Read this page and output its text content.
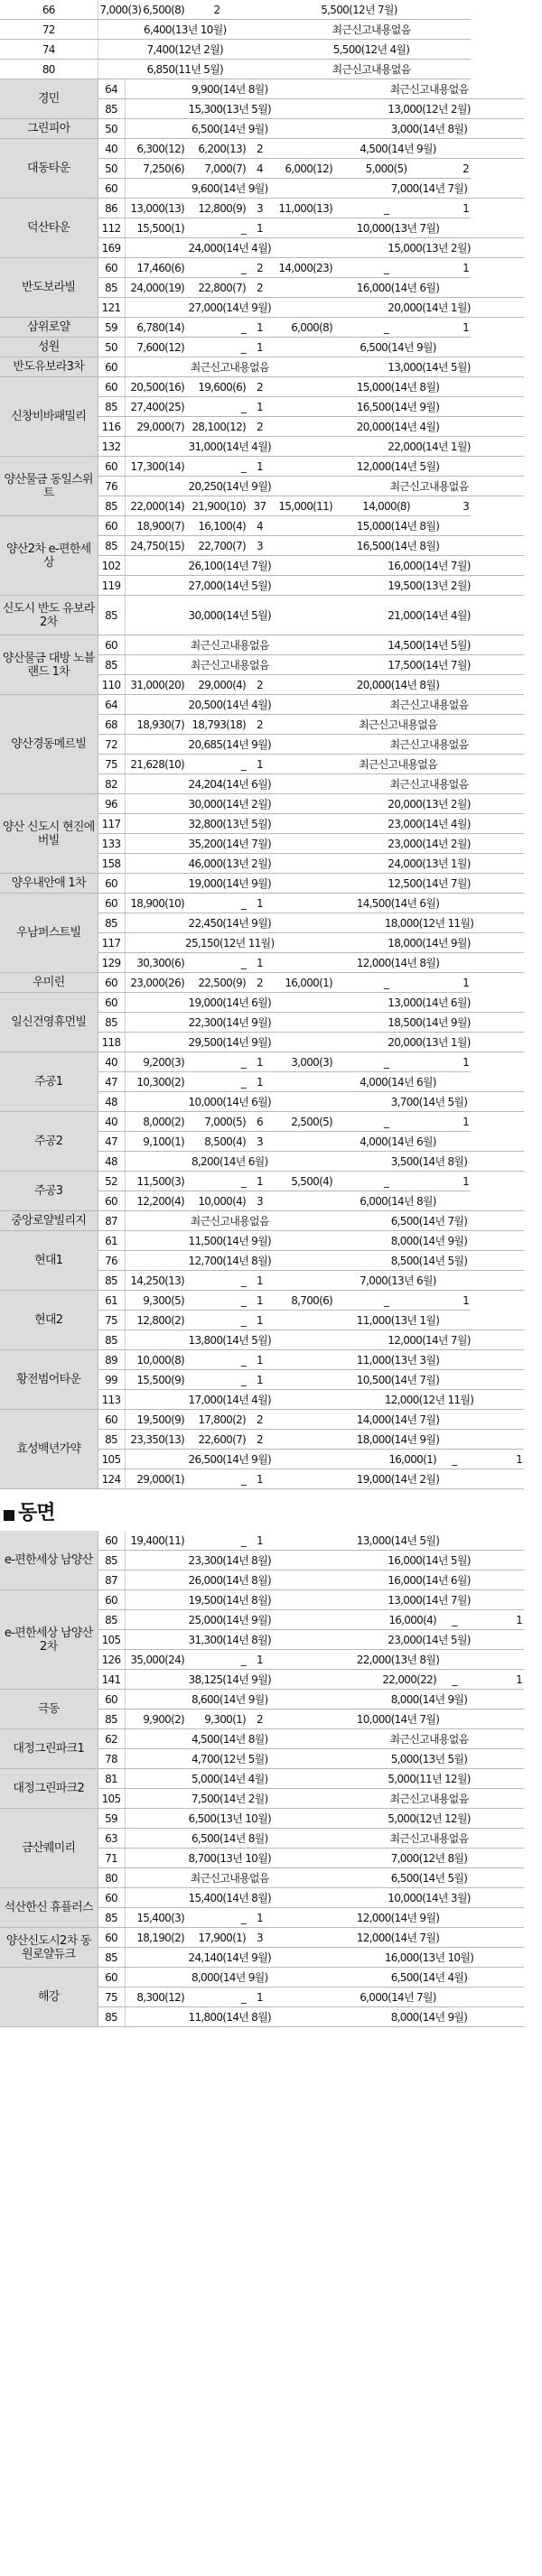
66	7,000(3)	6,500(8)	2	5,500(12년 7월)				
72	6,400(13년 10월)				최근신고내용없음			
74	7,400(12년 2월)				5,500(12년 4월)			
80	6,850(11년 5월)				최근신고내용없음			
경민	64	9,900(14년 8월)				최근신고내용없음		
	85	15,300(13년 5월)				13,000(12년 2월)		
그린피아	50	6,500(14년 9월)				3,000(14년 8월)		
대동타운	40	6,300(12)	6,200(13)	2	4,500(14년 9월)			
	50	7,250(6)	7,000(7)	4	6,000(12)	5,000(5)	2	
	60	9,600(14년 9월)				7,000(14년 7월)		
덕산타운	86	13,000(13)	12,800(9)	3	11,000(13)	_	1	
	112	15,500(1)	_	1	10,000(13년 7월)			
	169	24,000(14년 4월)				15,000(13년 2월)		
반도보라빌	60	17,460(6)	_	2	14,000(23)	_	1	
	85	24,000(19)	22,800(7)	2	16,000(14년 6월)			
	121	27,000(14년 9월)				20,000(14년 1월)		
삼위로얄	59	6,780(14)	_	1	6,000(8)	_	1	
성원	50	7,600(12)	_	1	6,500(14년 9월)			
반도유보라3차	60	최근신고내용없음				13,000(14년 5월)		
신창비바패밀리	60	20,500(16)	19,600(6)	2	15,000(14년 8월)			
	85	27,400(25)	_	1	16,500(14년 9월)			
	116	29,000(7)	28,100(12)	2	20,000(14년 4월)			
	132	31,000(14년 4월)				22,000(14년 1월)		
양산물금 동일스위트	60	17,300(14)	_	1	12,000(14년 5월)			
	76	20,250(14년 9월)				최근신고내용없음		
	85	22,000(14)	21,900(10)	37	15,000(11)	14,000(8)	3	
양산2차 e-편한세상	60	18,900(7)	16,100(4)	4	15,000(14년 8월)			
	85	24,750(15)	22,700(7)	3	16,500(14년 8월)			
	102	26,100(14년 7월)				16,000(14년 7월)		
	119	27,000(14년 5월)				19,500(13년 2월)		
신도시 반도 유보라 2차	85	30,000(14년 5월)				21,000(14년 4월)		
양산물금 대방 노블랜드 1차	60	최근신고내용없음				14,500(14년 5월)		
	85	최근신고내용없음				17,500(14년 7월)		
	110	31,000(20)	29,000(4)	2	20,000(14년 8월)			
양산경동메르빌	64	20,500(14년 4월)				최근신고내용없음		
	68	18,930(7)	18,793(18)	2	최근신고내용없음			
	72	20,685(14년 9월)				최근신고내용없음		
	75	21,628(10)	_	1	최근신고내용없음			
	82	24,204(14년 6월)				최근신고내용없음		
양산 신도시 현진에버빌	96	30,000(14년 2월)				20,000(13년 2월)		
	117	32,800(13년 5월)				23,000(14년 4월)		
	133	35,200(14년 7월)				23,000(14년 2월)		
	158	46,000(13년 2월)				24,000(13년 1월)		
양우내안애 1차	60	19,000(14년 9월)				12,500(14년 7월)		
우남퍼스트빌	60	18,900(10)	_	1	14,500(14년 6월)			
	85	22,450(14년 9월)				18,000(12년 11월)		
	117	25,150(12년 11월)				18,000(14년 9월)		
	129	30,300(6)	_	1	12,000(14년 8월)			
우미린	60	23,000(26)	22,500(9)	2	16,000(1)	_	1	
일신건영휴먼빌	60	19,000(14년 6월)				13,000(14년 6월)		
	85	22,300(14년 9월)				18,500(14년 9월)		
	118	29,500(14년 9월)				20,000(13년 1월)		
주공1	40	9,200(3)	_	1	3,000(3)	_	1	
	47	10,300(2)	_	1	4,000(14년 6월)			
	48	10,000(14년 6월)				3,700(14년 5월)		
주공2	40	8,000(2)	7,000(5)	6	2,500(5)	_	1	
	47	9,100(1)	8,500(4)	3	4,000(14년 6월)			
	48	8,200(14년 6월)				3,500(14년 8월)		
주공3	52	11,500(3)	_	1	5,500(4)	_	1	
	60	12,200(4)	10,000(4)	3	6,000(14년 8월)			
중앙로얄빌리지	87	최근신고내용없음				6,500(14년 7월)		
현대1	61	11,500(14년 9월)				8,000(14년 9월)		
	76	12,700(14년 8월)				8,500(14년 5월)		
	85	14,250(13)	_	1	7,000(13년 6월)			
현대2	61	9,300(5)	_	1	8,700(6)	_	1	
	75	12,800(2)	_	1	11,000(13년 1월)			
	85	13,800(14년 5월)				12,000(14년 7월)		
황전범어타운	89	10,000(8)	_	1	11,000(13년 3월)			
	99	15,500(9)	_	1	10,500(14년 7월)			
	113	17,000(14년 4월)				12,000(12년 11월)		
효성백년가약	60	19,500(9)	17,800(2)	2	14,000(14년 7월)			
	85	23,350(13)	22,600(7)	2	18,000(14년 9월)			
	105	26,500(14년 9월)				16,000(1)	_	1
	124	29,000(1)	_	1	19,000(14년 2월)			
동면
e-편한세상 남양산	60	19,400(11)	_	1	13,000(14년 5월)			
	85	23,300(14년 8월)				16,000(14년 5월)		
	87	26,000(14년 8월)				16,000(14년 6월)		
e-편한세상 남양산2차	60	19,500(14년 8월)				13,000(14년 7월)		
	85	25,000(14년 9월)				16,000(4)	_	1
	105	31,300(14년 8월)				23,000(14년 5월)		
	126	35,000(24)	_	1	22,000(13년 8월)			
	141	38,125(14년 9월)				22,000(22)	_	1
극동	60	8,600(14년 9월)				8,000(14년 9월)		
	85	9,900(2)	9,300(1)	2	10,000(14년 7월)			
대정그린파크1	62	4,500(14년 8월)				최근신고내용없음		
	78	4,700(12년 5월)				5,000(13년 5월)		
대정그린파크2	81	5,000(14년 4월)				5,000(11년 12월)		
	105	7,500(14년 2월)				최근신고내용없음		
금산퀘미리	59	6,500(13년 10월)				5,000(12년 12월)		
	63	6,500(14년 8월)				최근신고내용없음		
	71	8,700(13년 10월)				7,000(12년 8월)		
	80	최근신고내용없음				6,500(14년 5월)		
석산한신 휴플러스	60	15,400(14년 8월)				10,000(14년 3월)		
	85	15,400(3)	_	1	12,000(14년 9월)			
양산신도시2차 동원로얄듀크	60	18,190(2)	17,900(1)	3	12,000(14년 7월)			
	85	24,140(14년 9월)				16,000(13년 10월)		
해강	60	8,000(14년 9월)				6,500(14년 4월)		
	75	8,300(12)	_	1	6,000(14년 7월)			
	85	11,800(14년 8월)				8,000(14년 9월)		
